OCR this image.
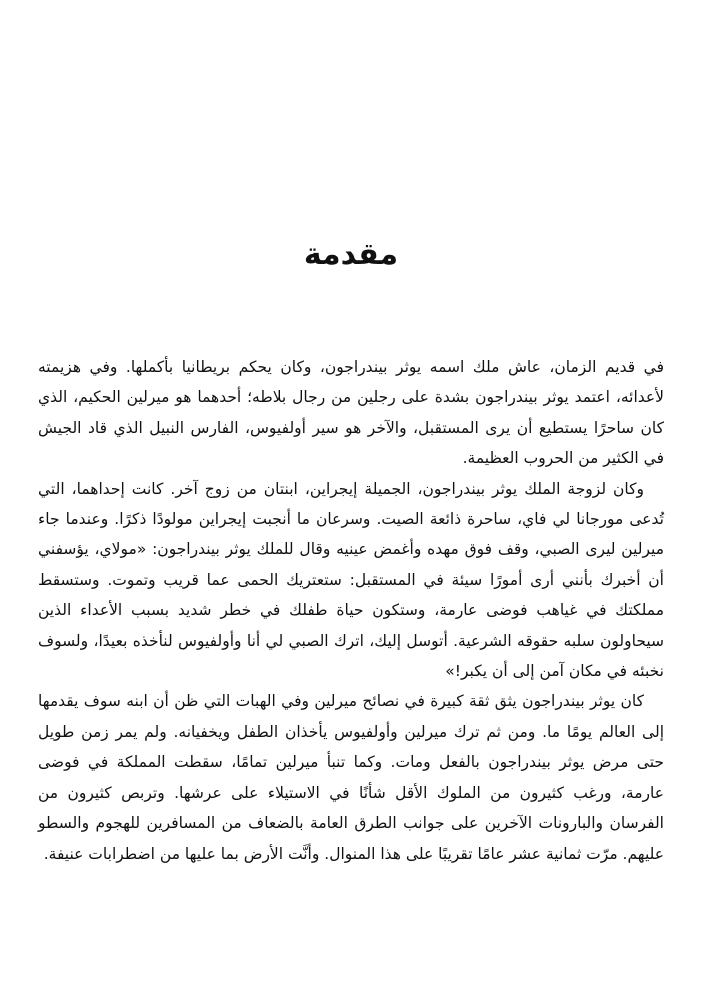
مقدمة

في قديم الزمان، عاش ملك اسمه يوثر بيندراجون، وكان يحكم بريطانيا بأكملها. وفي هزيمته لأعدائه، اعتمد يوثر بيندراجون بشدة على رجلين من رجال بلاطه؛ أحدهما هو ميرلين الحكيم، الذي كان ساحرًا يستطيع أن يرى المستقبل، والآخر هو سير أولفيوس، الفارس النبيل الذي قاد الجيش في الكثير من الحروب العظيمة.

وكان لزوجة الملك يوثر بيندراجون، الجميلة إيجراين، ابنتان من زوج آخر. كانت إحداهما، التي تُدعى مورجانا لي فاي، ساحرة ذائعة الصيت. وسرعان ما أنجبت إيجراين مولودًا ذكرًا. وعندما جاء ميرلين ليرى الصبي، وقف فوق مهده وأغمض عينيه وقال للملك يوثر بيندراجون: «مولاي، يؤسفني أن أخبرك بأنني أرى أمورًا سيئة في المستقبل: ستعتريك الحمى عما قريب وتموت. وستسقط مملكتك في غياهب فوضى عارمة، وستكون حياة طفلك في خطر شديد بسبب الأعداء الذين سيحاولون سلبه حقوقه الشرعية. أتوسل إليك، اترك الصبي لي أنا وأولفيوس لنأخذه بعيدًا، ولسوف نخبئه في مكان آمن إلى أن يكبر!»

كان يوثر بيندراجون يثق ثقة كبيرة في نصائح ميرلين وفي الهبات التي ظن أن ابنه سوف يقدمها إلى العالم يومًا ما. ومن ثم ترك ميرلين وأولفيوس يأخذان الطفل ويخفيانه. ولم يمر زمن طويل حتى مرض يوثر بيندراجون بالفعل ومات. وكما تنبأ ميرلين تمامًا، سقطت المملكة في فوضى عارمة، ورغب كثيرون من الملوك الأقل شأنًا في الاستيلاء على عرشها. وتربص كثيرون من الفرسان والبارونات الآخرين على جوانب الطرق العامة بالضعاف من المسافرين للهجوم والسطو عليهم. مرّت ثمانية عشر عامًا تقريبًا على هذا المنوال. وأنَّت الأرض بما عليها من اضطرابات عنيفة.
